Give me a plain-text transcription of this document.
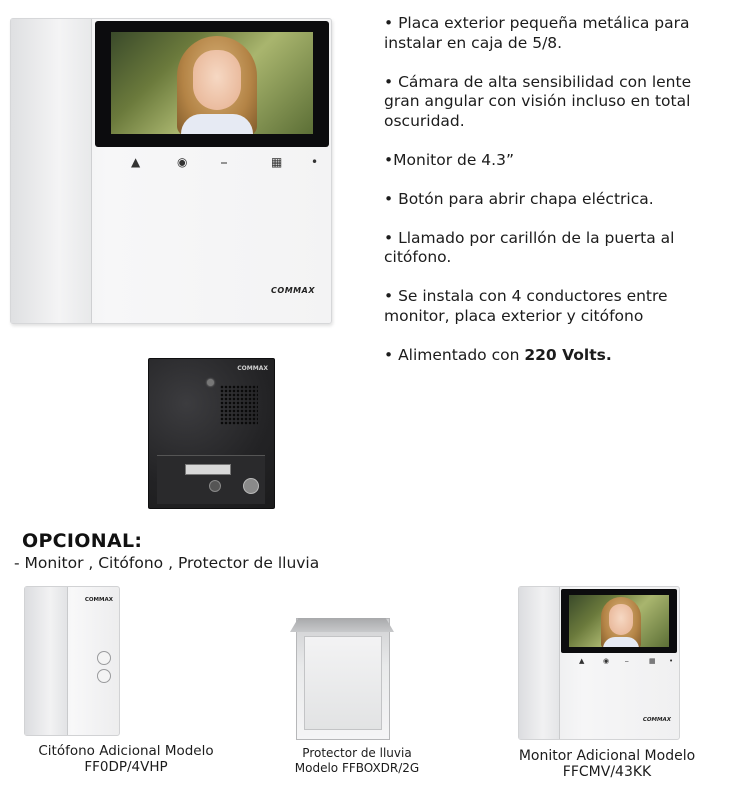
▲	◉	⎯	▦ •
COMMAX
COMMAX
• Placa exterior pequeña metálica para instalar en caja de 5/8.
• Cámara de alta sensibilidad con lente gran angular con visión incluso en total oscuridad.
•Monitor de 4.3”
• Botón para abrir chapa eléctrica.
• Llamado por carillón de la puerta al citófono.
• Se instala con 4 conductores entre monitor, placa exterior y citófono
• Alimentado con 220 Volts.

OPCIONAL:

- Monitor , Citófono , Protector de lluvia

COMMAX
▲	◉ ⎯	▦ •
COMMAX
Citófono Adicional Modelo
FF0DP/4VHP
Protector de lluvia
Modelo FFBOXDR/2G
Monitor Adicional Modelo
FFCMV/43KK
